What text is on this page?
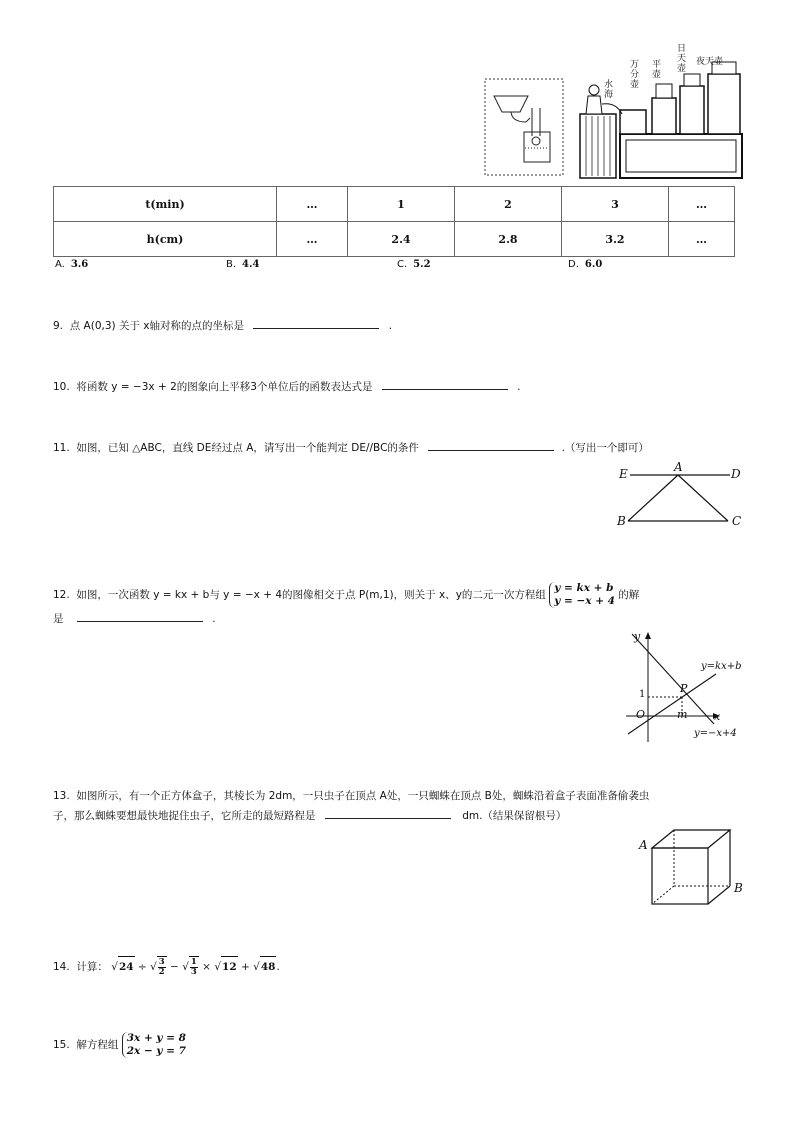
水海
万分壶
平壶
日天壶
夜天壶
t(min)	…	1	2	3	…
h(cm)	…	2.4	2.8	3.2	…
A. 3.6	B. 4.4	C. 5.2	D. 6.0
9. 点 A(0,3) 关于 x轴对称的点的坐标是	.
10. 将函数 y = −3x + 2的图象向上平移3个单位后的函数表达式是	.
11. 如图，已知 △ABC，直线 DE经过点 A，请写出一个能判定 DE//BC的条件	.（写出一个即可）
E	A	D
B	C
12. 如图，一次函数 y = kx + b与 y = −x + 4的图像相交于点 P(m,1)，则关于 x、y的二元一次方程组
y = kx + b
y = −x + 4 的解
是	.
y
x
O
1	P
m
y=kx+b
y=−x+4
13. 如图所示，有一个正方体盒子，其棱长为 2dm，一只虫子在顶点 A处，一只蜘蛛在顶点 B处，蜘蛛沿着盒子表面准备偷袭虫
子，那么蜘蛛要想最快地捉住虫子，它所走的最短路程是	dm.（结果保留根号）
A
B
14. 计算： √24 ÷ √ $\frac{3}{2}$ − √ $\frac{1}{3} \times √12 + √48$.
15. 解方程组
3x + y = 8
2x − y = 7
